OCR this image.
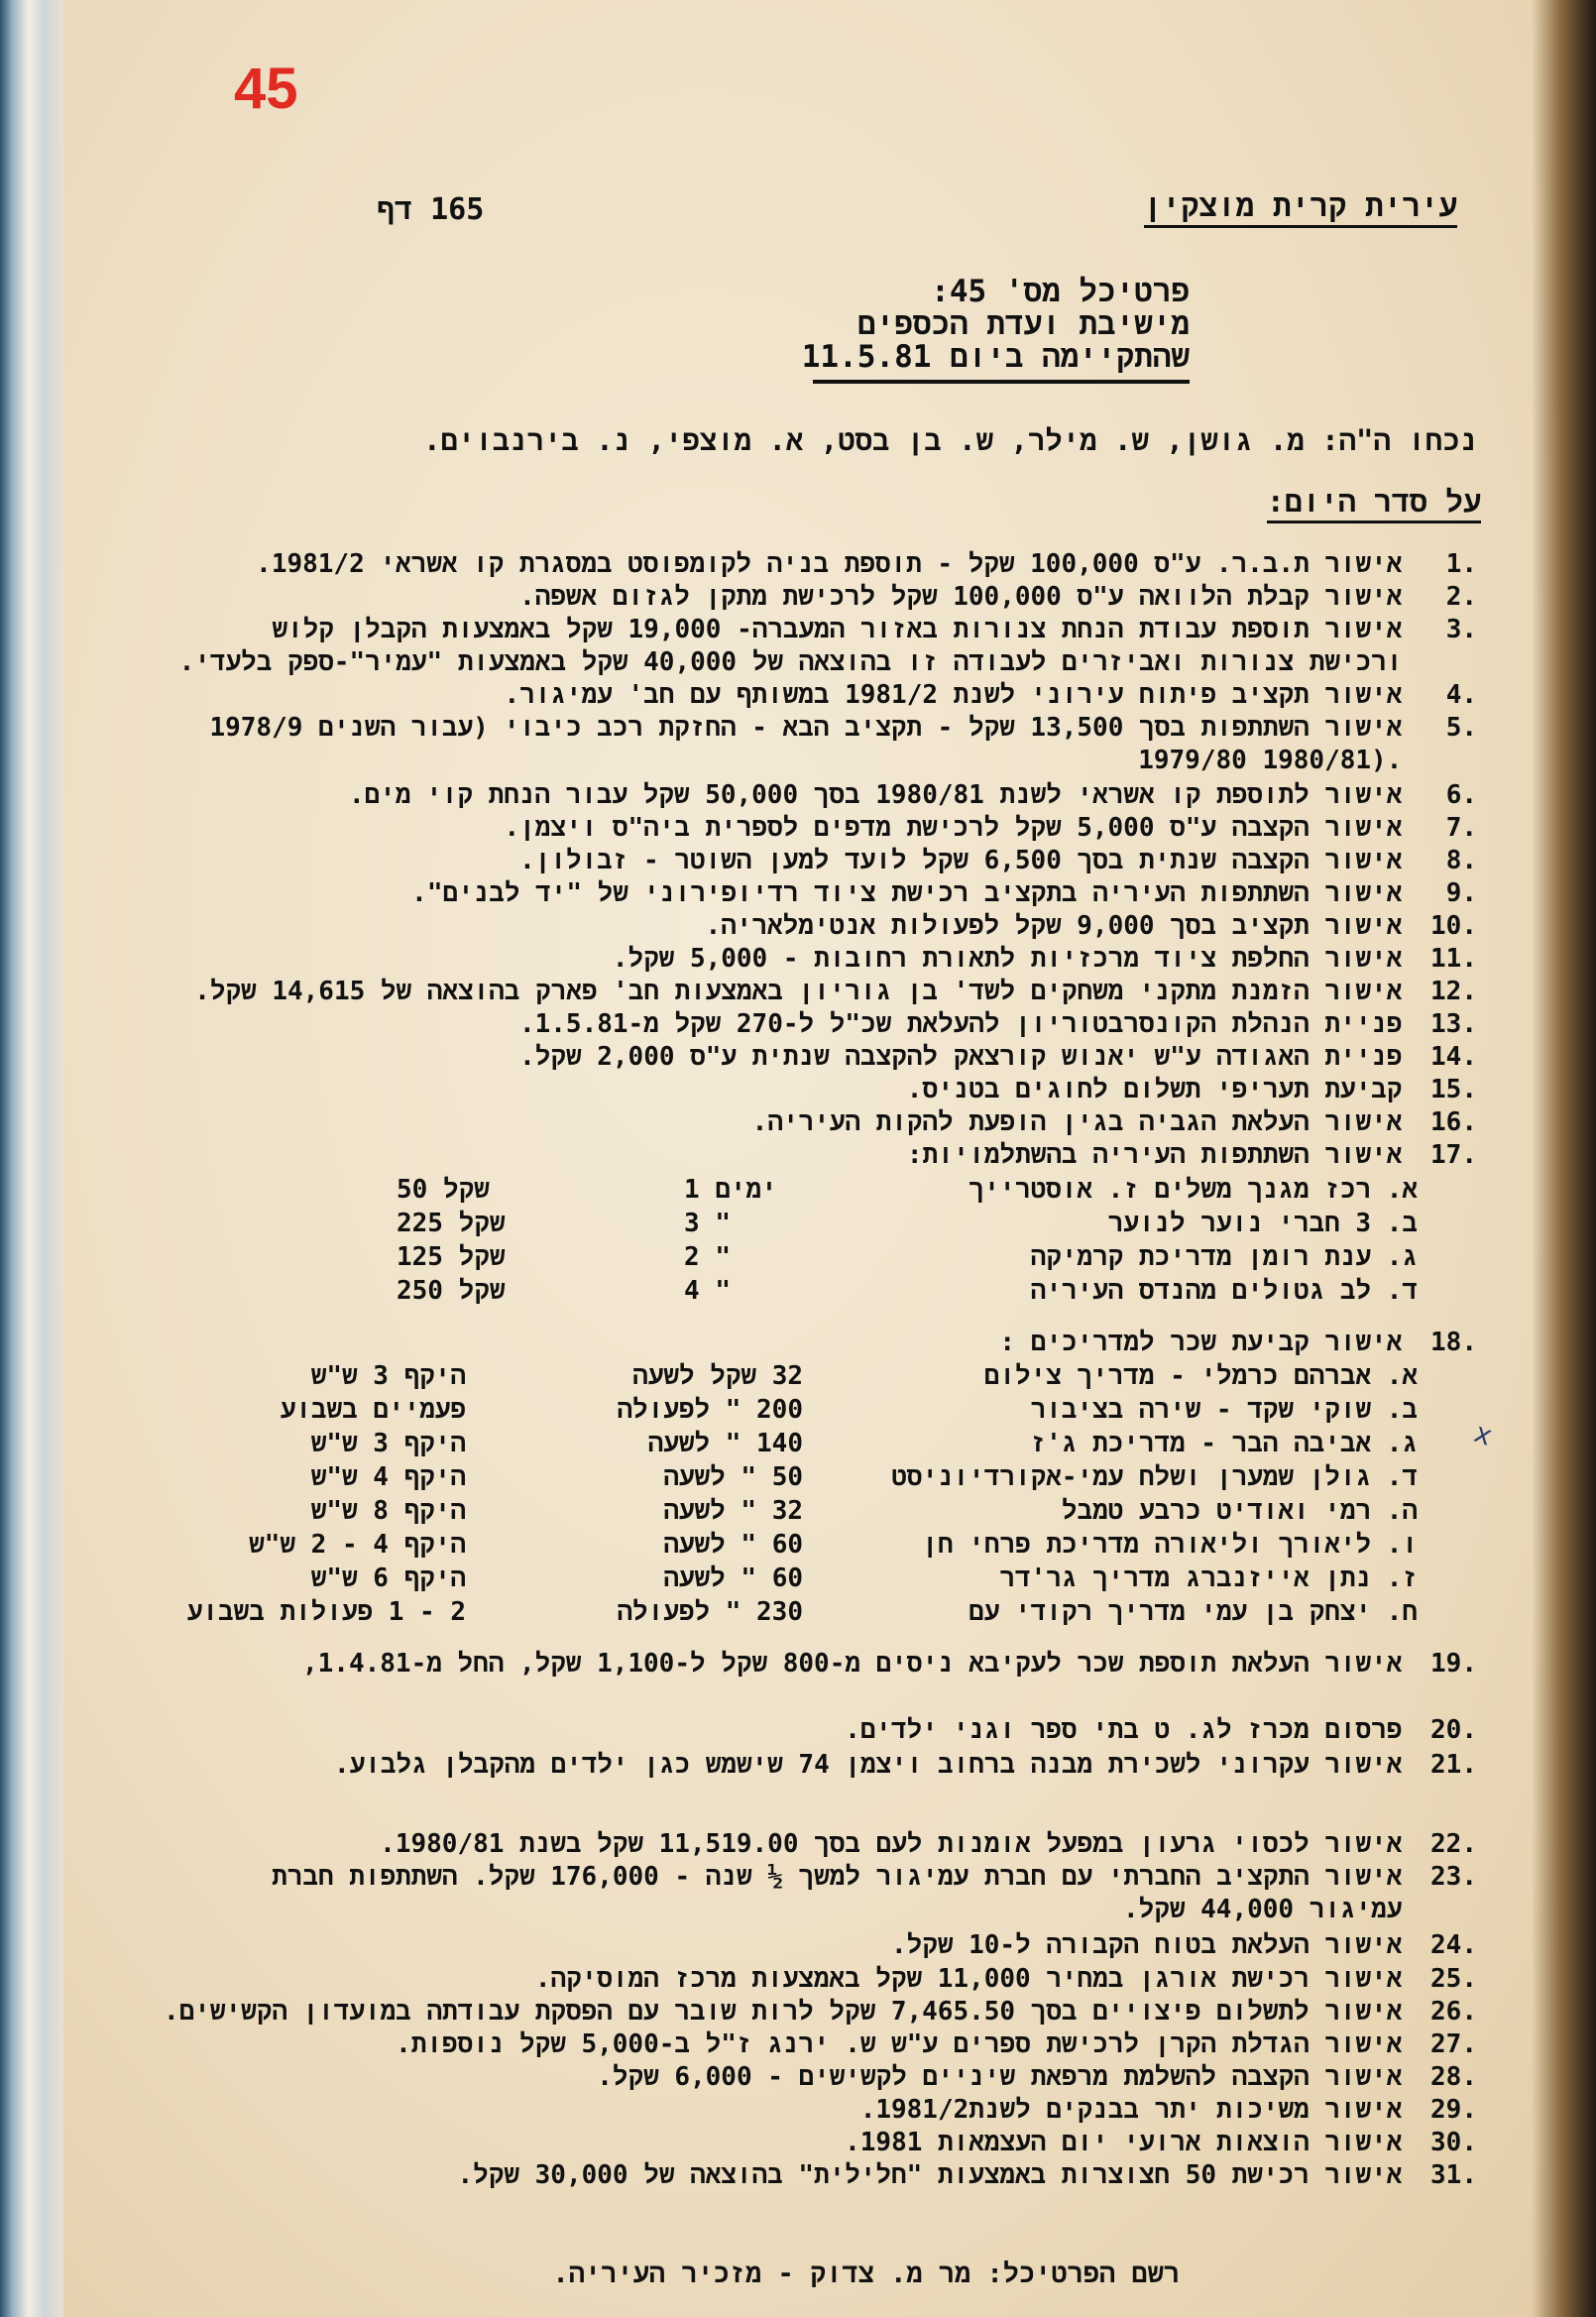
45
165 דף	עירית קרית מוצקין
פרטיכל מס' 45:
מישיבת ועדת הכספים
שהתקיימה ביום 11.5.81
נכחו ה"ה: מ. גושן, ש. מילר, ש. בן בסט, א. מוצפי, נ. בירנבוים.
על סדר היום:
.1 אישור ת.ב.ר. ע"ס 100,000 שקל - תוספת בניה לקומפוסט במסגרת קו אשראי 1981/2.
.2 אישור קבלת הלוואה ע"ס 100,000 שקל לרכישת מתקן לגזום אשפה.
.3 אישור תוספת עבודת הנחת צנורות באזור המעברה- 19,000 שקל באמצעות הקבלן קלוש
ורכישת צנורות ואביזרים לעבודה זו בהוצאה של 40,000 שקל באמצעות "עמיר"-ספק בלעדי.
.4 אישור תקציב פיתוח עירוני לשנת 1981/2 במשותף עם חב' עמיגור.
.5 אישור השתתפות בסך 13,500 שקל - תקציב הבא - החזקת רכב כיבוי (עבור השנים 1978/9
.(1980/81 1979/80
.6 אישור לתוספת קו אשראי לשנת 1980/81 בסך 50,000 שקל עבור הנחת קוי מים.
.7 אישור הקצבה ע"ס 5,000 שקל לרכישת מדפים לספרית ביה"ס ויצמן.
.8 אישור הקצבה שנתית בסך 6,500 שקל לועד למען השוטר - זבולון.
.9 אישור השתתפות העיריה בתקציב רכישת ציוד רדיופירוני של "יד לבנים".
.10 אישור תקציב בסך 9,000 שקל לפעולות אנטימלאריה.
.11 אישור החלפת ציוד מרכזיות לתאורת רחובות - 5,000 שקל.
.12 אישור הזמנת מתקני משחקים לשד' בן גוריון באמצעות חב' פארק בהוצאה של 14,615 שקל.
.13 פניית הנהלת הקונסרבטוריון להעלאת שכ"ל ל-270 שקל מ-1.5.81.
.14 פניית האגודה ע"ש יאנוש קורצאק להקצבה שנתית ע"ס 2,000 שקל.
.15 קביעת תעריפי תשלום לחוגים בטניס.
.16 אישור העלאת הגביה בגין הופעת להקות העיריה.
.17 אישור השתתפות העיריה בהשתלמויות:
א. רכז מגנך משלים ז. אוסטרייך
1 ימים
50 שקל
ב. 3 חברי נוער לנוער
3 "
225 שקל
ג. ענת רומן מדריכת קרמיקה
2 "
125 שקל
ד. לב גטולים מהנדס העיריה
4 "
250 שקל
.18 אישור קביעת שכר למדריכים :
א. אברהם כרמלי - מדריך צילום
32 שקל לשעה
היקף 3 ש"ש
ב. שוקי שקד - שירה בציבור
200 " לפעולה
פעמיים בשבוע
ג. אביבה הבר - מדריכת ג'ז
140 " לשעה
היקף 3 ש"ש
ד. גולן שמערן ושלח עמי-אקורדיוניסט
50 " לשעה
היקף 4 ש"ש
ה. רמי ואודיט כרבע טמבל
32 " לשעה
היקף 8 ש"ש
ו. ליאורך וליאורה מדריכת פרחי חן
60 " לשעה
היקף 4 - 2 ש"ש
ז. נתן אייזנברג מדריך גר'דר
60 " לשעה
היקף 6 ש"ש
ח. יצחק בן עמי מדריך רקודי עם
230 " לפעולה
2 - 1 פעולות בשבוע
x
.19 אישור העלאת תוספת שכר לעקיבא ניסים מ-800 שקל ל-1,100 שקל, החל מ-1.4.81,
.20 פרסום מכרז לג. ט בתי ספר וגני ילדים.
.21 אישור עקרוני לשכירת מבנה ברחוב ויצמן 74 שישמש כגן ילדים מהקבלן גלבוע.
.22 אישור לכסוי גרעון במפעל אומנות לעם בסך 11,519.00 שקל בשנת 1980/81.
.23 אישור התקציב החברתי עם חברת עמיגור למשך ½ שנה - 176,000 שקל. השתתפות חברת
עמיגור 44,000 שקל.
.24 אישור העלאת בטוח הקבורה ל-10 שקל.
.25 אישור רכישת אורגן במחיר 11,000 שקל באמצעות מרכז המוסיקה.
.26 אישור לתשלום פיצויים בסך 7,465.50 שקל לרות שובר עם הפסקת עבודתה במועדון הקשישים.
.27 אישור הגדלת הקרן לרכישת ספרים ע"ש ש. ירנג ז"ל ב-5,000 שקל נוספות.
.28 אישור הקצבה להשלמת מרפאת שיניים לקשישים - 6,000 שקל.
.29 אישור משיכות יתר בבנקים לשנת1981/2.
.30 אישור הוצאות ארועי יום העצמאות 1981.
.31 אישור רכישת 50 חצוצרות באמצעות "חלילית" בהוצאה של 30,000 שקל.

רשם הפרטיכל: מר מ. צדוק - מזכיר העיריה.
